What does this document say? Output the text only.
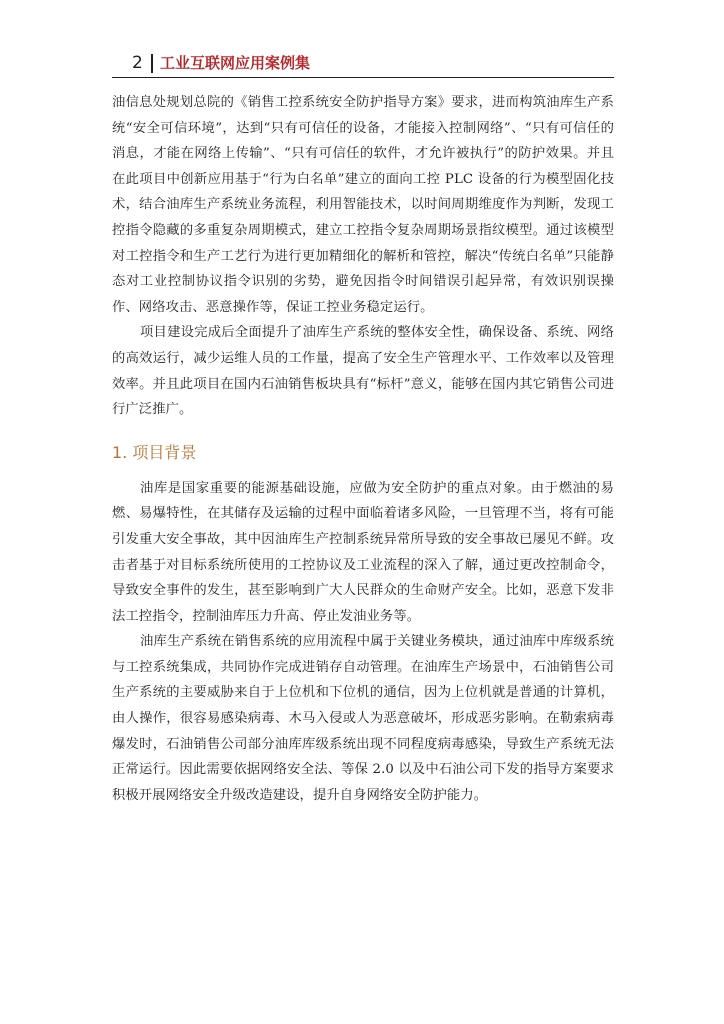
2 工业互联网应用案例集

油信息处规划总院的《销售工控系统安全防护指导方案》要求，进而构筑油库生产系统“安全可信环境”，达到“只有可信任的设备，才能接入控制网络”、“只有可信任的消息，才能在网络上传输”、“只有可信任的软件，才允许被执行”的防护效果。并且在此项目中创新应用基于“行为白名单”建立的面向工控 PLC 设备的行为模型固化技术，结合油库生产系统业务流程，利用智能技术，以时间周期维度作为判断，发现工控指令隐藏的多重复杂周期模式，建立工控指令复杂周期场景指纹模型。通过该模型对工控指令和生产工艺行为进行更加精细化的解析和管控，解决“传统白名单”只能静态对工业控制协议指令识别的劣势，避免因指令时间错误引起异常，有效识别误操作、网络攻击、恶意操作等，保证工控业务稳定运行。

项目建设完成后全面提升了油库生产系统的整体安全性，确保设备、系统、网络的高效运行，减少运维人员的工作量，提高了安全生产管理水平、工作效率以及管理效率。并且此项目在国内石油销售板块具有“标杆”意义，能够在国内其它销售公司进行广泛推广。

1. 项目背景

油库是国家重要的能源基础设施，应做为安全防护的重点对象。由于燃油的易燃、易爆特性，在其储存及运输的过程中面临着诸多风险，一旦管理不当，将有可能引发重大安全事故，其中因油库生产控制系统异常所导致的安全事故已屡见不鲜。攻击者基于对目标系统所使用的工控协议及工业流程的深入了解，通过更改控制命令，导致安全事件的发生，甚至影响到广大人民群众的生命财产安全。比如，恶意下发非法工控指令，控制油库压力升高、停止发油业务等。

油库生产系统在销售系统的应用流程中属于关键业务模块，通过油库中库级系统与工控系统集成，共同协作完成进销存自动管理。在油库生产场景中，石油销售公司生产系统的主要威胁来自于上位机和下位机的通信，因为上位机就是普通的计算机，由人操作，很容易感染病毒、木马入侵或人为恶意破坏，形成恶劣影响。在勒索病毒爆发时，石油销售公司部分油库库级系统出现不同程度病毒感染，导致生产系统无法正常运行。因此需要依据网络安全法、等保 2.0 以及中石油公司下发的指导方案要求积极开展网络安全升级改造建设，提升自身网络安全防护能力。
